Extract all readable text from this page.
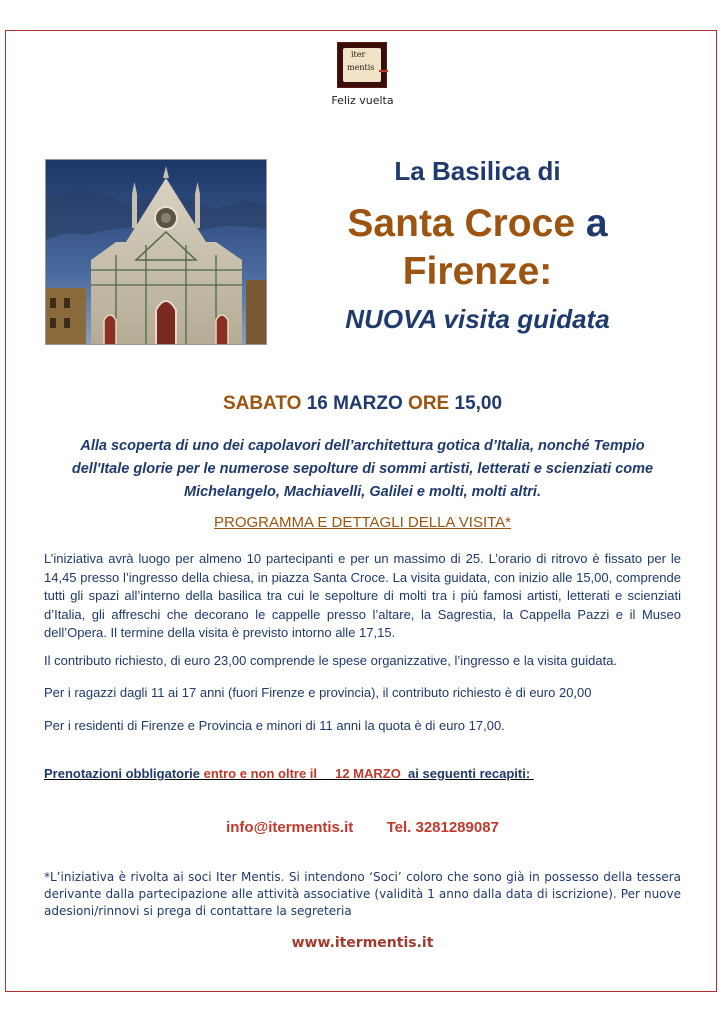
iter
mentis
Feliz vuelta
La Basilica di
Santa Croce a
Firenze:
NUOVA visita guidata
SABATO 16 MARZO ORE 15,00
Alla scoperta di uno dei capolavori dell’architettura gotica d’Italia, nonché Tempio dell'Itale glorie per le numerose sepolture di sommi artisti, letterati e scienziati come Michelangelo, Machiavelli, Galilei e molti, molti altri.
PROGRAMMA E DETTAGLI DELLA VISITA*
L’iniziativa avrà luogo per almeno 10 partecipanti e per un massimo di 25. L’orario di ritrovo è fissato per le 14,45 presso l’ingresso della chiesa, in piazza Santa Croce. La visita guidata, con inizio alle 15,00, comprende tutti gli spazi all’interno della basilica tra cui le sepolture di molti tra i più famosi artisti, letterati e scienziati d’Italia, gli affreschi che decorano le cappelle presso l’altare, la Sagrestia, la Cappella Pazzi e il Museo dell’Opera. Il termine della visita è previsto intorno alle 17,15.
Il contributo richiesto, di euro 23,00 comprende le spese organizzative, l’ingresso e la visita guidata.
Per i ragazzi dagli 11 ai 17 anni (fuori Firenze e provincia), il contributo richiesto è di euro 20,00
Per i residenti di Firenze e Provincia e minori di 11 anni la quota è di euro 17,00.
Prenotazioni obbligatorie entro e non oltre il     12 MARZO  ai seguenti recapiti:
info@itermentis.it Tel. 3281289087
*L’iniziativa è rivolta ai soci Iter Mentis. Si intendono ‘Soci’ coloro che sono già in possesso della tessera derivante dalla partecipazione alle attività associative (validità 1 anno dalla data di iscrizione). Per nuove adesioni/rinnovi si prega di contattare la segreteria
www.itermentis.it
